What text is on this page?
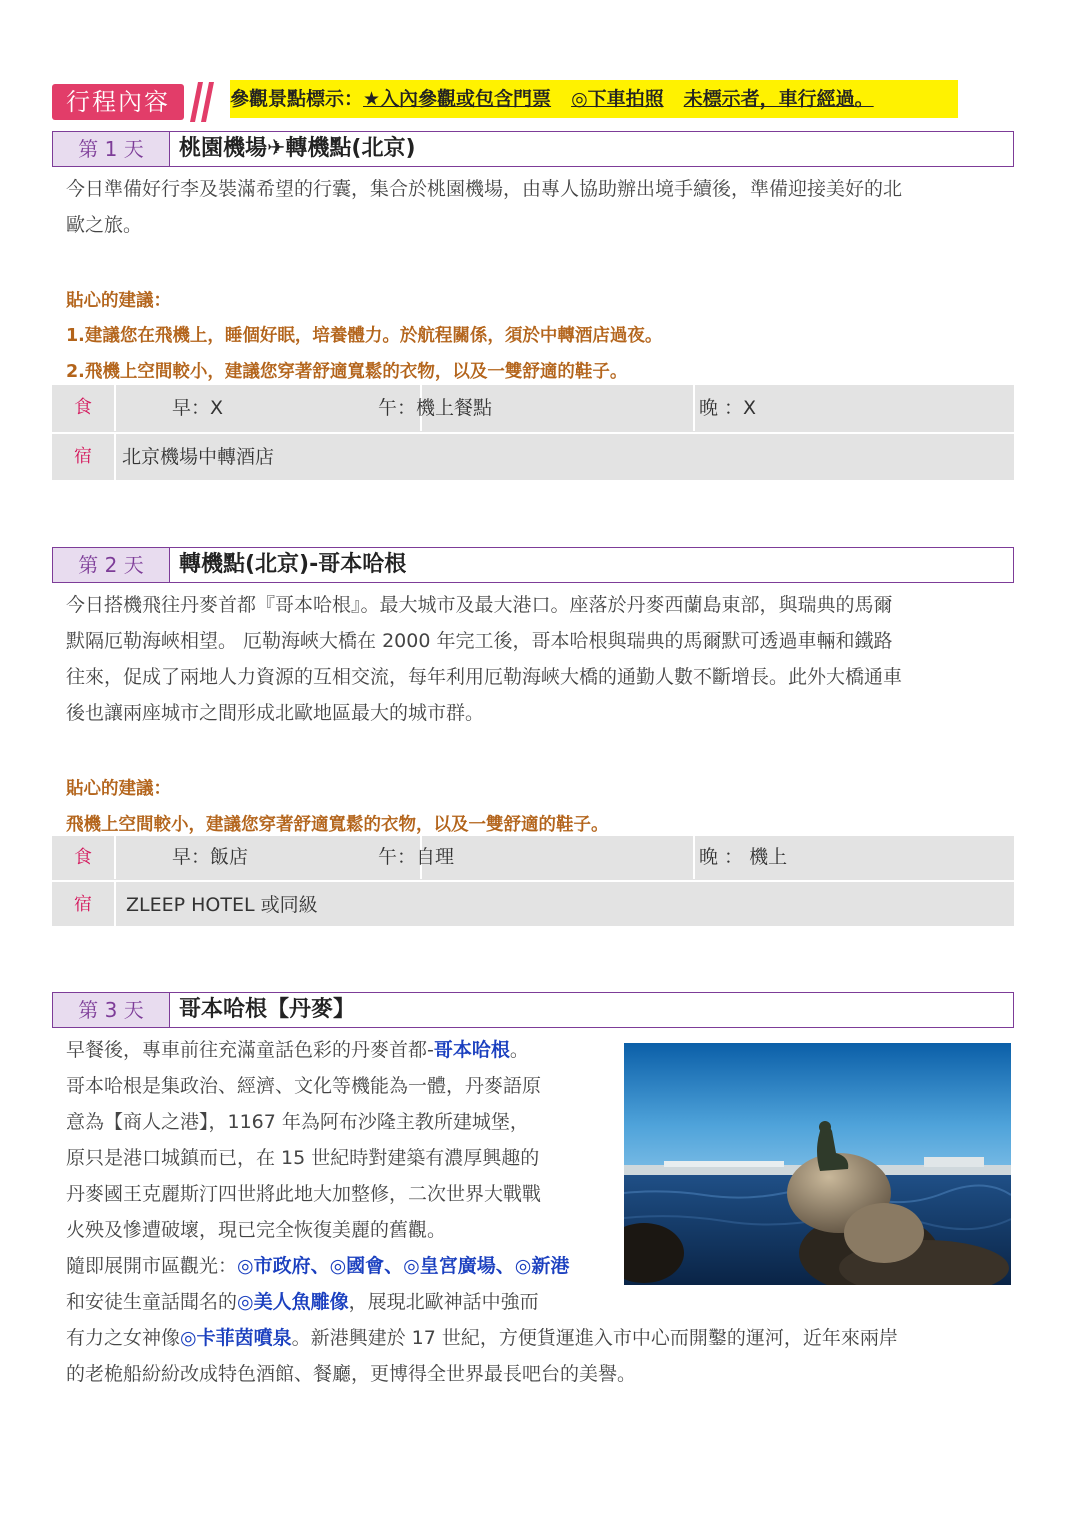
行程內容	參觀景點標示：★入內參觀或包含門票 ◎下車拍照 未標示者，車行經過。
第 1 天	桃園機場✈轉機點(北京)
今日準備好行李及裝滿希望的行囊，集合於桃園機場，由專人協助辦出境手續後，準備迎接美好的北
歐之旅。
貼心的建議：
1.建議您在飛機上，睡個好眠，培養體力。於航程關係，須於中轉酒店過夜。
2.飛機上空間較小，建議您穿著舒適寬鬆的衣物，以及一雙舒適的鞋子。
食	早：X	午：機上餐點	晚 ：X
宿	北京機場中轉酒店
第 2 天	轉機點(北京)-哥本哈根
今日搭機飛往丹麥首都『哥本哈根』。最大城市及最大港口。座落於丹麥西蘭島東部，與瑞典的馬爾
默隔厄勒海峽相望。 厄勒海峽大橋在 2000 年完工後，哥本哈根與瑞典的馬爾默可透過車輛和鐵路
往來，促成了兩地人力資源的互相交流，每年利用厄勒海峽大橋的通勤人數不斷增長。此外大橋通車
後也讓兩座城市之間形成北歐地區最大的城市群。
貼心的建議：
飛機上空間較小，建議您穿著舒適寬鬆的衣物，以及一雙舒適的鞋子。
食	早：飯店	午：自理	晚 ： 機上
宿	ZLEEP HOTEL 或同級
第 3 天	哥本哈根【丹麥】
早餐後，專車前往充滿童話色彩的丹麥首都-哥本哈根。
哥本哈根是集政治、經濟、文化等機能為一體，丹麥語原
意為【商人之港】，1167 年為阿布沙隆主教所建城堡，
原只是港口城鎮而已，在 15 世紀時對建築有濃厚興趣的
丹麥國王克麗斯汀四世將此地大加整修，二次世界大戰戰
火殃及慘遭破壞，現已完全恢復美麗的舊觀。
隨即展開市區觀光：◎市政府、◎國會、◎皇宮廣場、◎新港
和安徒生童話聞名的◎美人魚雕像，展現北歐神話中強而
有力之女神像◎卡菲茵噴泉。新港興建於 17 世紀，方便貨運進入市中心而開鑿的運河，近年來兩岸
的老桅船紛紛改成特色酒館、餐廳，更博得全世界最長吧台的美譽。
